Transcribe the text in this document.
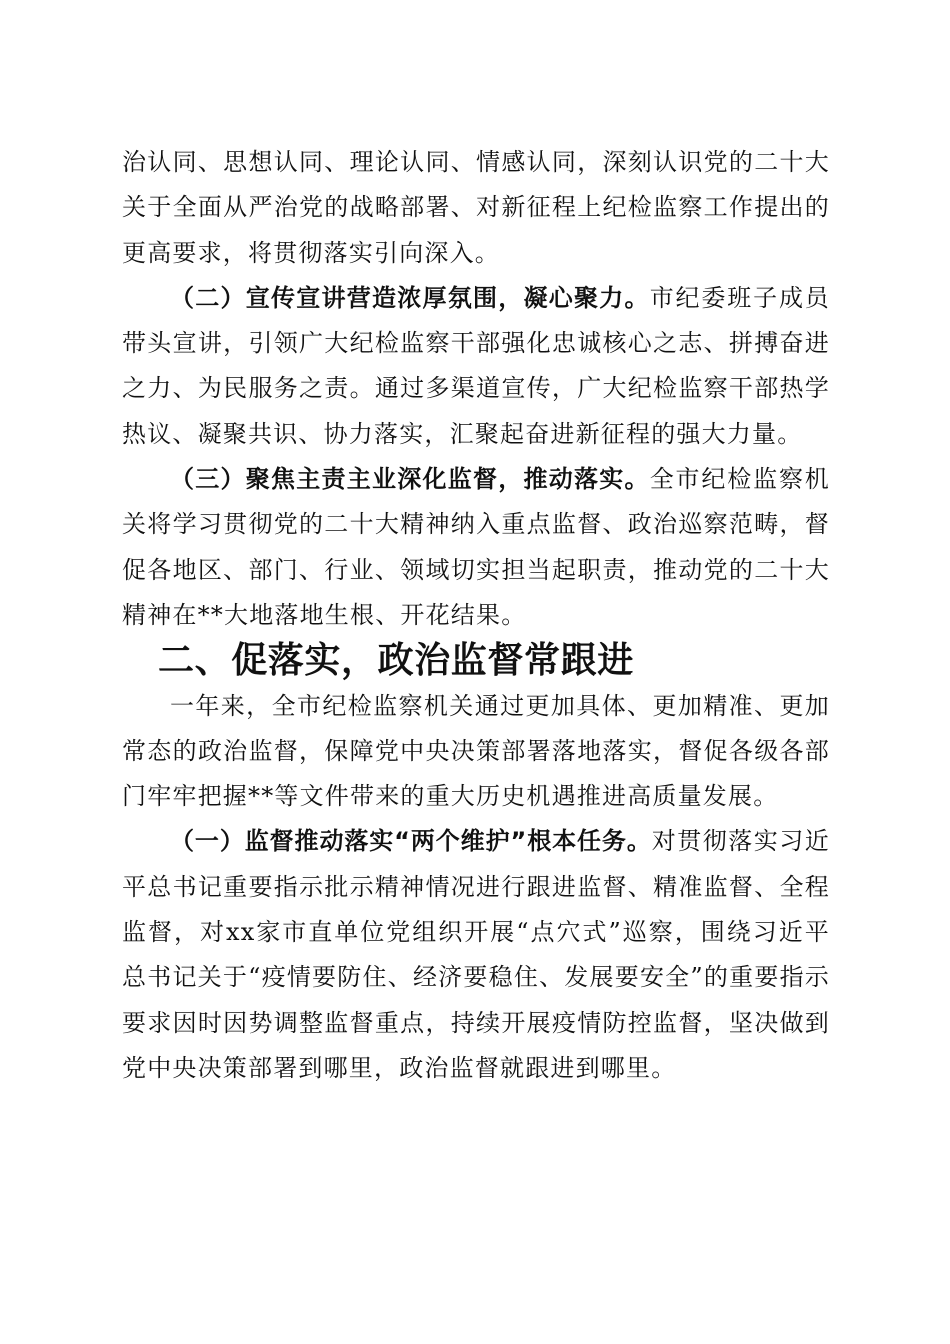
治认同、思想认同、理论认同、情感认同，深刻认识党的二十大关于全面从严治党的战略部署、对新征程上纪检监察工作提出的更高要求，将贯彻落实引向深入。

（二）宣传宣讲营造浓厚氛围，凝心聚力。市纪委班子成员带头宣讲，引领广大纪检监察干部强化忠诚核心之志、拼搏奋进之力、为民服务之责。通过多渠道宣传，广大纪检监察干部热学热议、凝聚共识、协力落实，汇聚起奋进新征程的强大力量。

（三）聚焦主责主业深化监督，推动落实。全市纪检监察机关将学习贯彻党的二十大精神纳入重点监督、政治巡察范畴，督促各地区、部门、行业、领域切实担当起职责，推动党的二十大精神在**大地落地生根、开花结果。

二、促落实，政治监督常跟进

一年来，全市纪检监察机关通过更加具体、更加精准、更加常态的政治监督，保障党中央决策部署落地落实，督促各级各部门牢牢把握**等文件带来的重大历史机遇推进高质量发展。

（一）监督推动落实“两个维护”根本任务。对贯彻落实习近平总书记重要指示批示精神情况进行跟进监督、精准监督、全程监督，对xx家市直单位党组织开展“点穴式”巡察，围绕习近平总书记关于“疫情要防住、经济要稳住、发展要安全”的重要指示要求因时因势调整监督重点，持续开展疫情防控监督，坚决做到党中央决策部署到哪里，政治监督就跟进到哪里。
